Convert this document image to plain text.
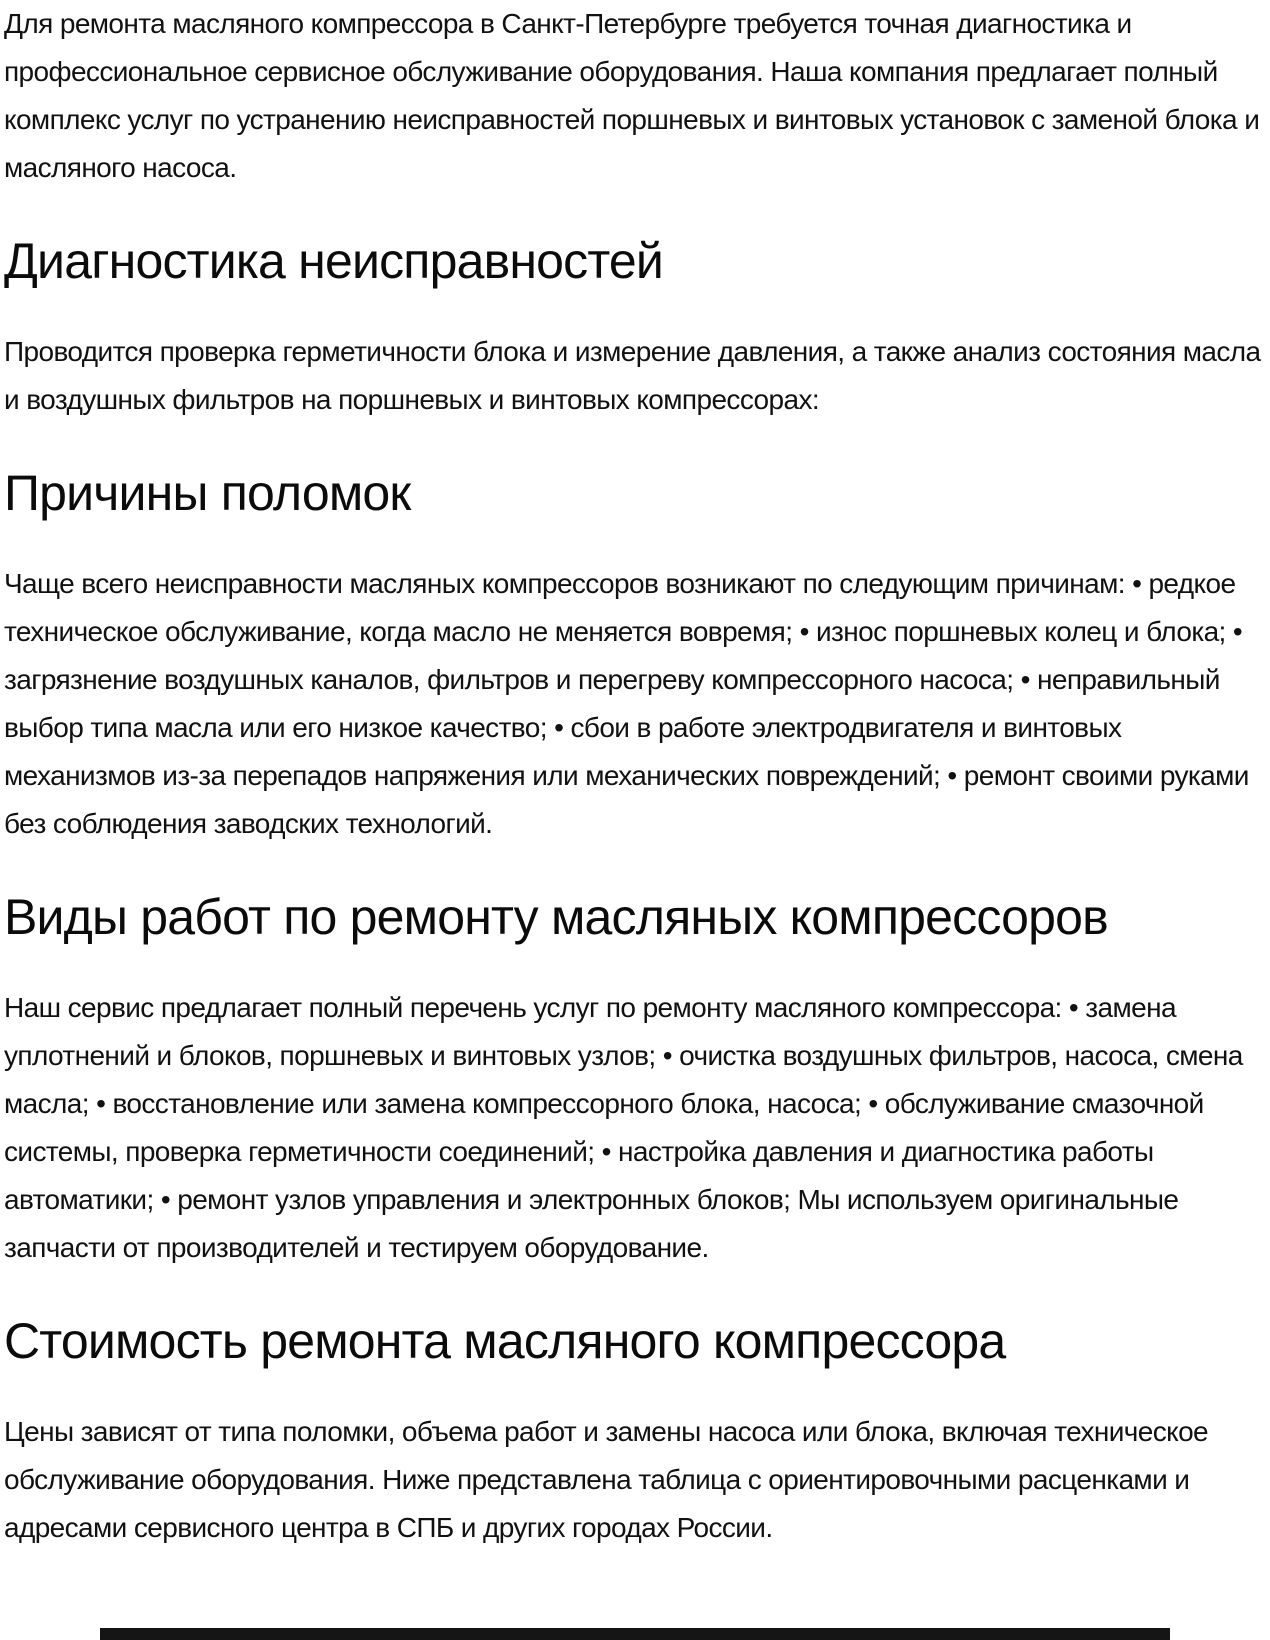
Для ремонта масляного компрессора в Санкт-Петербурге требуется точная диагностика и профессиональное сервисное обслуживание оборудования. Наша компания предлагает полный комплекс услуг по устранению неисправностей поршневых и винтовых установок с заменой блока и масляного насоса.

Диагностика неисправностей

Проводится проверка герметичности блока и измерение давления, а также анализ состояния масла и воздушных фильтров на поршневых и винтовых компрессорах:

Причины поломок

Чаще всего неисправности масляных компрессоров возникают по следующим причинам: • редкое техническое обслуживание, когда масло не меняется вовремя; • износ поршневых колец и блока; • загрязнение воздушных каналов, фильтров и перегреву компрессорного насоса; • неправильный выбор типа масла или его низкое качество; • сбои в работе электродвигателя и винтовых механизмов из-за перепадов напряжения или механических повреждений; • ремонт своими руками без соблюдения заводских технологий.

Виды работ по ремонту масляных компрессоров

Наш сервис предлагает полный перечень услуг по ремонту масляного компрессора: • замена уплотнений и блоков, поршневых и винтовых узлов; • очистка воздушных фильтров, насоса, смена масла; • восстановление или замена компрессорного блока, насоса; • обслуживание смазочной системы, проверка герметичности соединений; • настройка давления и диагностика работы автоматики; • ремонт узлов управления и электронных блоков; Мы используем оригинальные запчасти от производителей и тестируем оборудование.

Стоимость ремонта масляного компрессора

Цены зависят от типа поломки, объема работ и замены насоса или блока, включая техническое обслуживание оборудования. Ниже представлена таблица с ориентировочными расценками и адресами сервисного центра в СПБ и других городах России.
